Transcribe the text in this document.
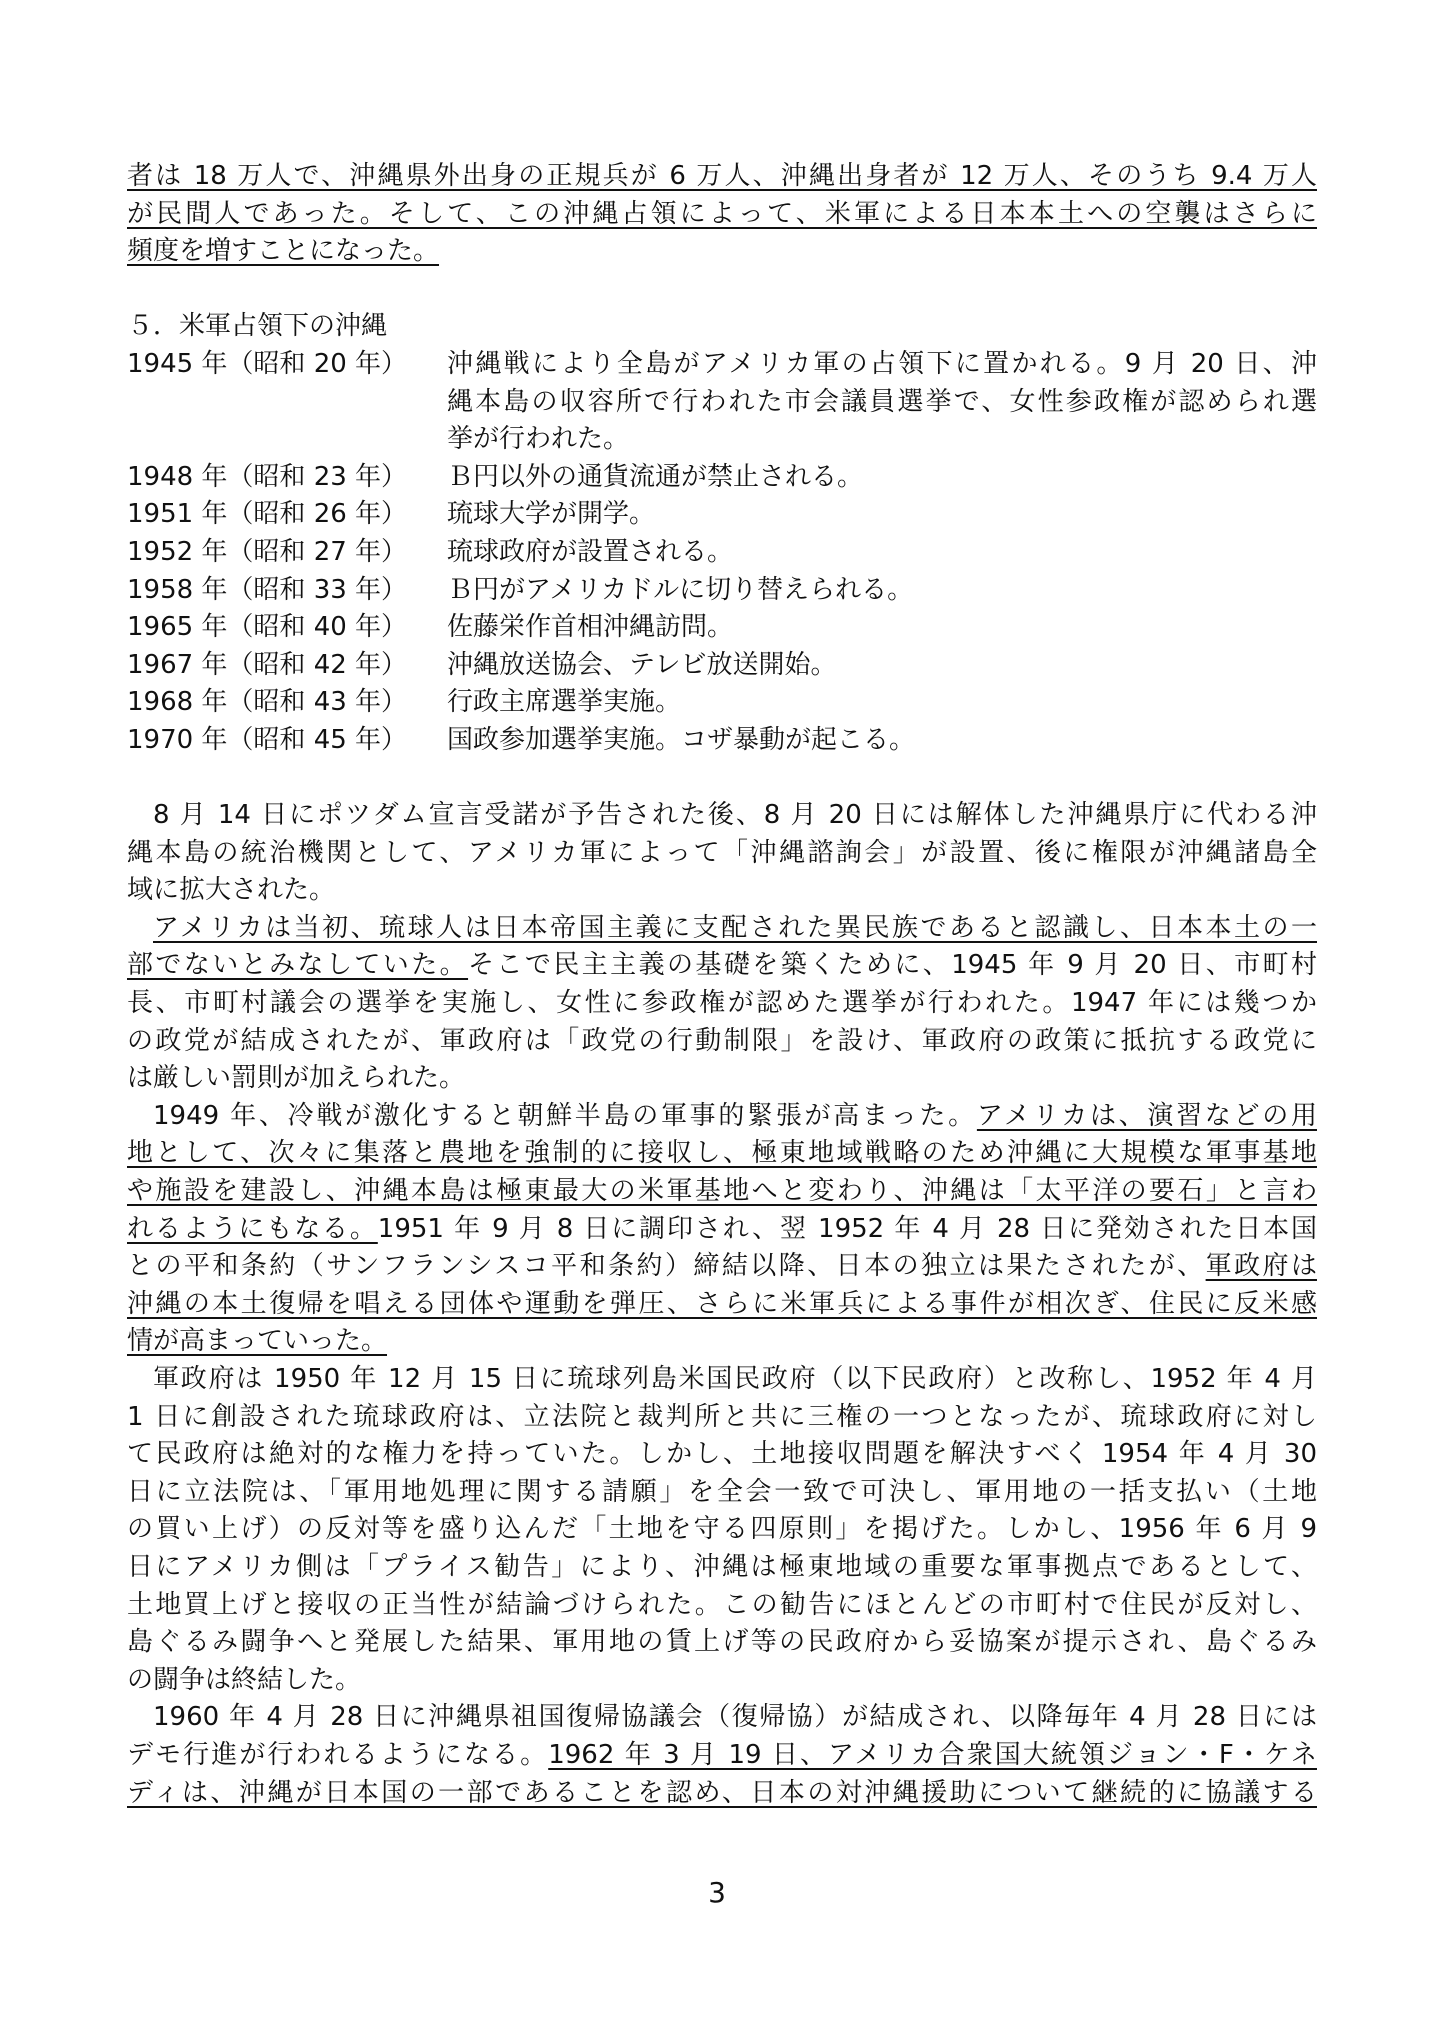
者は 18 万人で、沖縄県外出身の正規兵が 6 万人、沖縄出身者が 12 万人、そのうち 9.4 万人
が民間人であった。そして、この沖縄占領によって、米軍による日本本土への空襲はさらに
頻度を増すことになった。
５．米軍占領下の沖縄
1945 年（昭和 20 年）	沖縄戦により全島がアメリカ軍の占領下に置かれる。9 月 20 日、沖
縄本島の収容所で行われた市会議員選挙で、女性参政権が認められ選
挙が行われた。
1948 年（昭和 23 年）	Ｂ円以外の通貨流通が禁止される。
1951 年（昭和 26 年）	琉球大学が開学。
1952 年（昭和 27 年）	琉球政府が設置される。
1958 年（昭和 33 年）	Ｂ円がアメリカドルに切り替えられる。
1965 年（昭和 40 年）	佐藤栄作首相沖縄訪問。
1967 年（昭和 42 年）	沖縄放送協会、テレビ放送開始。
1968 年（昭和 43 年）	行政主席選挙実施。
1970 年（昭和 45 年）	国政参加選挙実施。コザ暴動が起こる。
8 月 14 日にポツダム宣言受諾が予告された後、8 月 20 日には解体した沖縄県庁に代わる沖
縄本島の統治機関として、アメリカ軍によって「沖縄諮詢会」が設置、後に権限が沖縄諸島全
域に拡大された。
アメリカは当初、琉球人は日本帝国主義に支配された異民族であると認識し、日本本土の一
部でないとみなしていた。そこで民主主義の基礎を築くために、1945 年 9 月 20 日、市町村
長、市町村議会の選挙を実施し、女性に参政権が認めた選挙が行われた。1947 年には幾つか
の政党が結成されたが、軍政府は「政党の行動制限」を設け、軍政府の政策に抵抗する政党に
は厳しい罰則が加えられた。
1949 年、冷戦が激化すると朝鮮半島の軍事的緊張が高まった。アメリカは、演習などの用
地として、次々に集落と農地を強制的に接収し、極東地域戦略のため沖縄に大規模な軍事基地
や施設を建設し、沖縄本島は極東最大の米軍基地へと変わり、沖縄は「太平洋の要石」と言わ
れるようにもなる。1951 年 9 月 8 日に調印され、翌 1952 年 4 月 28 日に発効された日本国
との平和条約（サンフランシスコ平和条約）締結以降、日本の独立は果たされたが、軍政府は
沖縄の本土復帰を唱える団体や運動を弾圧、さらに米軍兵による事件が相次ぎ、住民に反米感
情が高まっていった。
軍政府は 1950 年 12 月 15 日に琉球列島米国民政府（以下民政府）と改称し、1952 年 4 月
1 日に創設された琉球政府は、立法院と裁判所と共に三権の一つとなったが、琉球政府に対し
て民政府は絶対的な権力を持っていた。しかし、土地接収問題を解決すべく 1954 年 4 月 30
日に立法院は、「軍用地処理に関する請願」を全会一致で可決し、軍用地の一括支払い（土地
の買い上げ）の反対等を盛り込んだ「土地を守る四原則」を掲げた。しかし、1956 年 6 月 9
日にアメリカ側は「プライス勧告」により、沖縄は極東地域の重要な軍事拠点であるとして、
土地買上げと接収の正当性が結論づけられた。この勧告にほとんどの市町村で住民が反対し、
島ぐるみ闘争へと発展した結果、軍用地の賃上げ等の民政府から妥協案が提示され、島ぐるみ
の闘争は終結した。
1960 年 4 月 28 日に沖縄県祖国復帰協議会（復帰協）が結成され、以降毎年 4 月 28 日には
デモ行進が行われるようになる。1962 年 3 月 19 日、アメリカ合衆国大統領ジョン・F・ケネ
ディは、沖縄が日本国の一部であることを認め、日本の対沖縄援助について継続的に協議する
3
